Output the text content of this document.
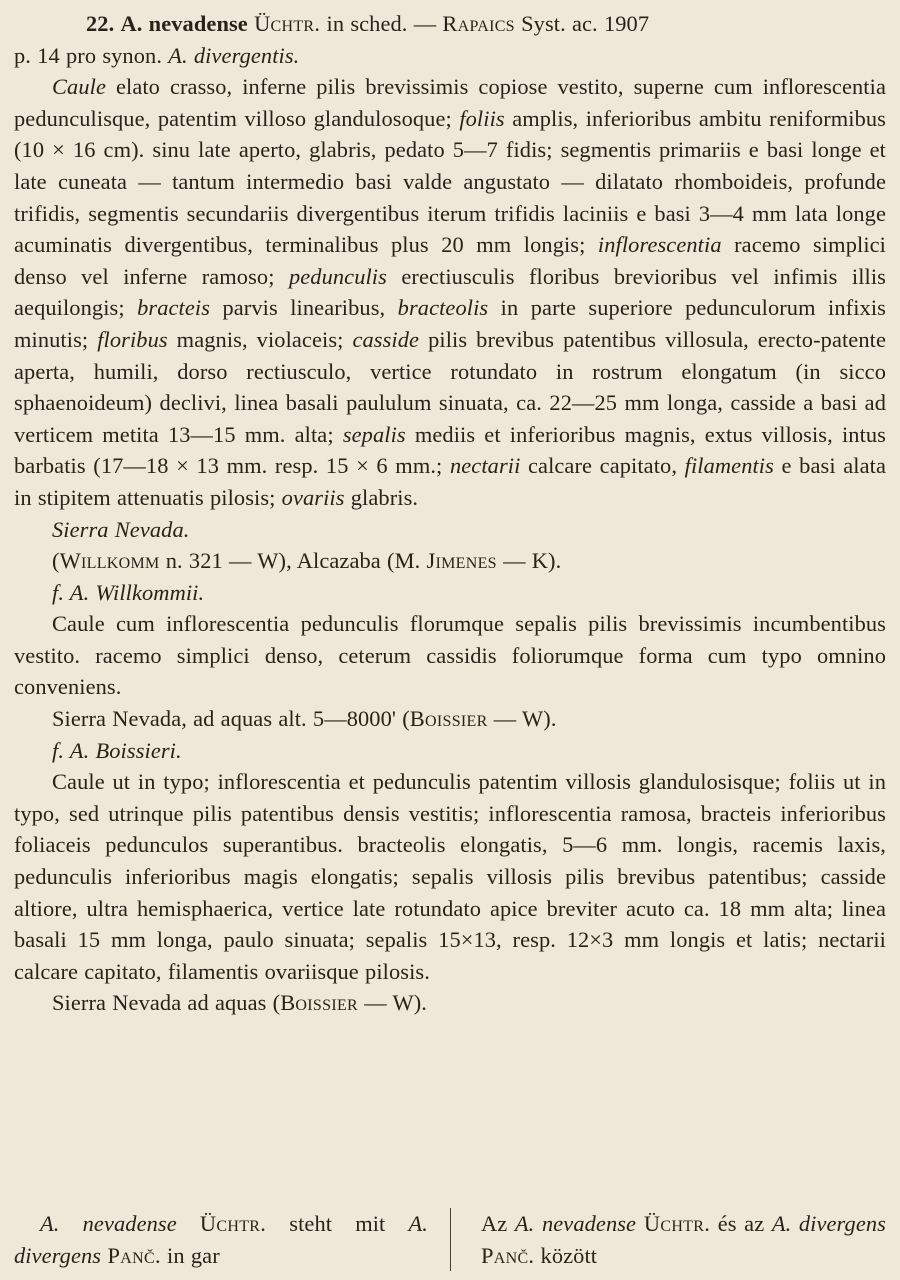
22. A. nevadense Üchtr. in sched. — Rapaics Syst. ac. 1907

p. 14 pro synon. A. divergentis.

Caule elato crasso, inferne pilis brevissimis copiose vestito, superne cum inflorescentia pedunculisque, patentim villoso glandulosoque; foliis amplis, inferioribus ambitu reniformibus (10 × 16 cm). sinu late aperto, glabris, pedato 5—7 fidis; segmentis primariis e basi longe et late cuneata — tantum intermedio basi valde angustato — dilatato rhomboideis, profunde trifidis, segmentis secundariis divergentibus iterum trifidis laciniis e basi 3—4 mm lata longe acuminatis divergentibus, terminalibus plus 20 mm longis; inflorescentia racemo simplici denso vel inferne ramoso; pedunculis erectiusculis floribus brevioribus vel infimis illis aequilongis; bracteis parvis linearibus, bracteolis in parte superiore pedunculorum infixis minutis; floribus magnis, violaceis; casside pilis brevibus patentibus villosula, erecto-patente aperta, humili, dorso rectiusculo, vertice rotundato in rostrum elongatum (in sicco sphaenoideum) declivi, linea basali paululum sinuata, ca. 22—25 mm longa, casside a basi ad verticem metita 13—15 mm. alta; sepalis mediis et inferioribus magnis, extus villosis, intus barbatis (17—18 × 13 mm. resp. 15 × 6 mm.; nectarii calcare capitato, filamentis e basi alata in stipitem attenuatis pilosis; ovariis glabris.

Sierra Nevada.

(Willkomm n. 321 — W), Alcazaba (M. Jimenes — K).

f. A. Willkommii.

Caule cum inflorescentia pedunculis florumque sepalis pilis brevissimis incumbentibus vestito. racemo simplici denso, ceterum cassidis foliorumque forma cum typo omnino conveniens.

Sierra Nevada, ad aquas alt. 5—8000' (Boissier — W).

f. A. Boissieri.

Caule ut in typo; inflorescentia et pedunculis patentim villosis glandulosisque; foliis ut in typo, sed utrinque pilis patentibus densis vestitis; inflorescentia ramosa, bracteis inferioribus foliaceis pedunculos superantibus. bracteolis elongatis, 5—6 mm. longis, racemis laxis, pedunculis inferioribus magis elongatis; sepalis villosis pilis brevibus patentibus; casside altiore, ultra hemisphaerica, vertice late rotundato apice breviter acuto ca. 18 mm alta; linea basali 15 mm longa, paulo sinuata; sepalis 15×13, resp. 12×3 mm longis et latis; nectarii calcare capitato, filamentis ovariisque pilosis.

Sierra Nevada ad aquas (Boissier — W).

A. nevadense Üchtr. steht mit A. divergens Panč. in gar

Az A. nevadense Üchtr. és az A. divergens Panč. között
